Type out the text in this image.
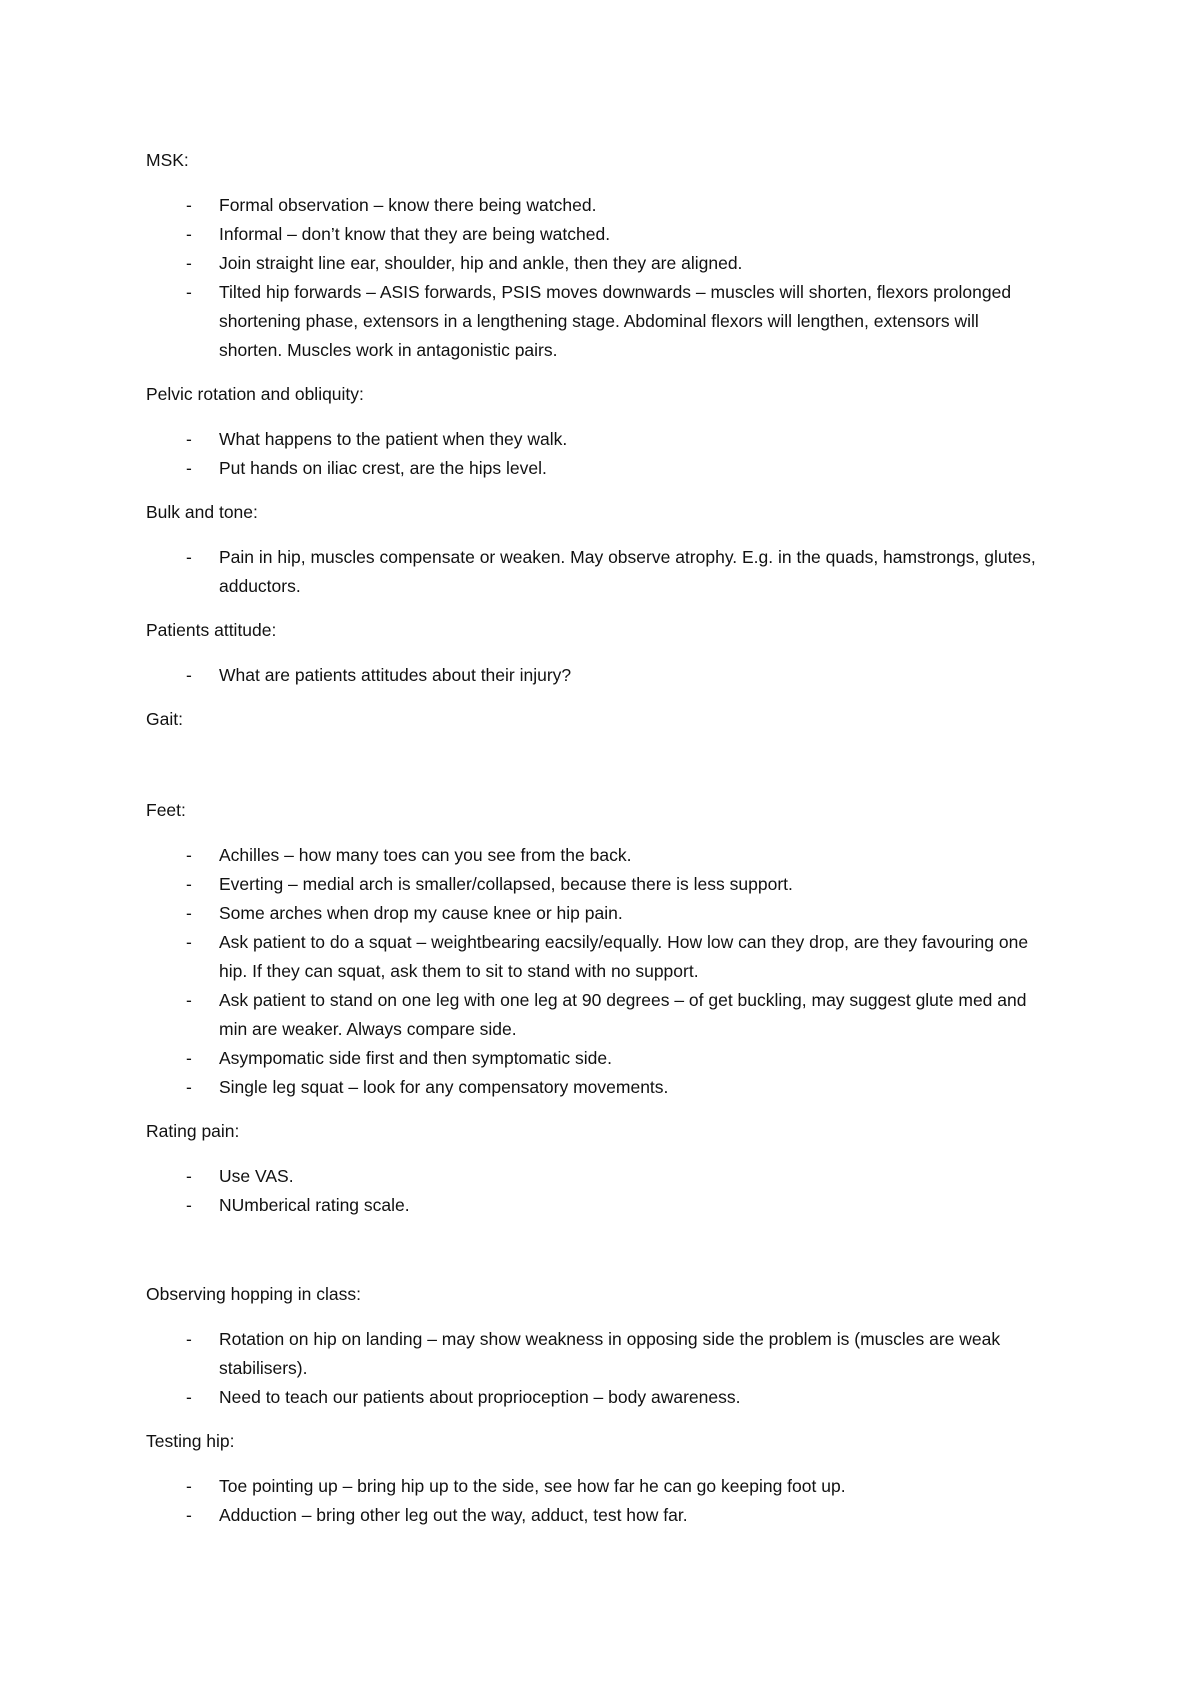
MSK:

- Formal observation – know there being watched.
- Informal – don’t know that they are being watched.
- Join straight line ear, shoulder, hip and ankle, then they are aligned.
- Tilted hip forwards – ASIS forwards, PSIS moves downwards – muscles will shorten, flexors prolonged shortening phase, extensors in a lengthening stage. Abdominal flexors will lengthen, extensors will shorten. Muscles work in antagonistic pairs.

Pelvic rotation and obliquity:

- What happens to the patient when they walk.
- Put hands on iliac crest, are the hips level.

Bulk and tone:

- Pain in hip, muscles compensate or weaken. May observe atrophy. E.g. in the quads, hamstrongs, glutes, adductors.

Patients attitude:

- What are patients attitudes about their injury?

Gait:

Feet:

- Achilles – how many toes can you see from the back.
- Everting – medial arch is smaller/collapsed, because there is less support.
- Some arches when drop my cause knee or hip pain.
- Ask patient to do a squat – weightbearing eacsily/equally. How low can they drop, are they favouring one hip. If they can squat, ask them to sit to stand with no support.
- Ask patient to stand on one leg with one leg at 90 degrees – of get buckling, may suggest glute med and min are weaker. Always compare side.
- Asympomatic side first and then symptomatic side.
- Single leg squat – look for any compensatory movements.

Rating pain:

- Use VAS.
- NUmberical rating scale.

Observing hopping in class:

- Rotation on hip on landing – may show weakness in opposing side the problem is (muscles are weak stabilisers).
- Need to teach our patients about proprioception – body awareness.

Testing hip:

- Toe pointing up – bring hip up to the side, see how far he can go keeping foot up.
- Adduction – bring other leg out the way, adduct, test how far.
